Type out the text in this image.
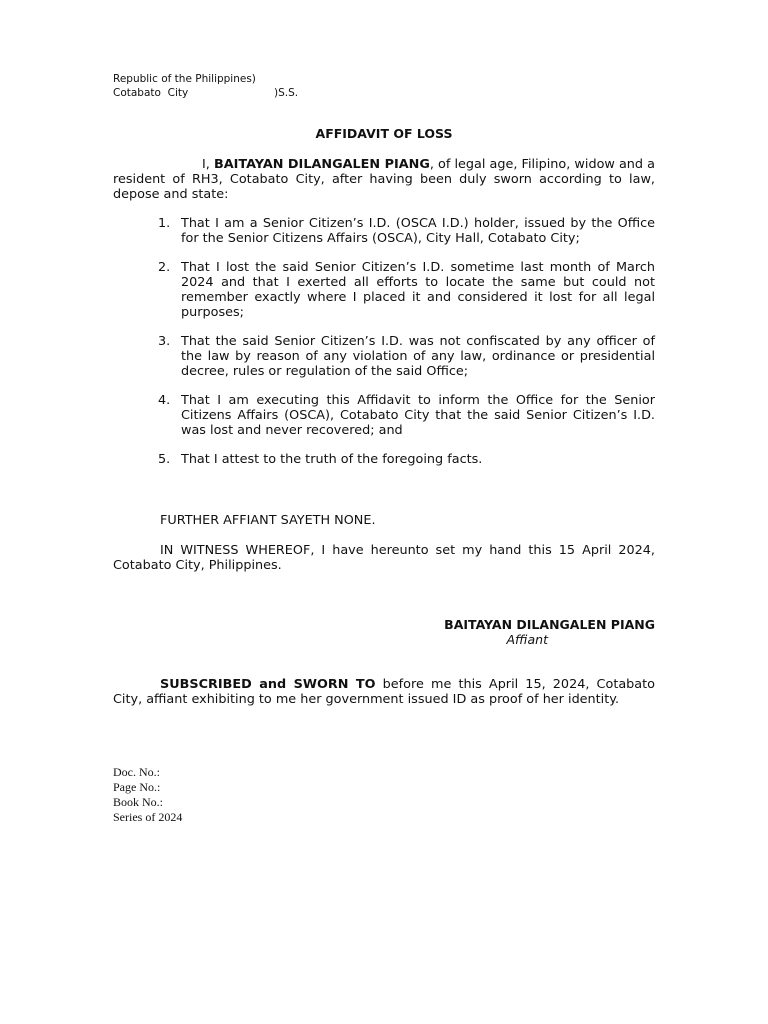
Republic of the Philippines)
Cotabato  City	)S.S.
AFFIDAVIT OF LOSS
I, BAITAYAN DILANGALEN PIANG, of legal age, Filipino, widow and a resident of RH3, Cotabato City, after having been duly sworn according to law, depose and state:
1. That I am a Senior Citizen’s I.D. (OSCA I.D.) holder, issued by the Office for the Senior Citizens Affairs (OSCA), City Hall, Cotabato City;
2. That I lost the said Senior Citizen’s I.D. sometime last month of March 2024 and that I exerted all efforts to locate the same but could not remember exactly where I placed it and considered it lost for all legal purposes;
3. That the said Senior Citizen’s I.D. was not confiscated by any officer of the law by reason of any violation of any law, ordinance or presidential decree, rules or regulation of the said Office;
4. That I am executing this Affidavit to inform the Office for the Senior Citizens Affairs (OSCA), Cotabato City that the said Senior Citizen’s I.D. was lost and never recovered; and
5. That I attest to the truth of the foregoing facts.
FURTHER AFFIANT SAYETH NONE.
IN WITNESS WHEREOF, I have hereunto set my hand this 15 April 2024, Cotabato City, Philippines.
BAITAYAN DILANGALEN PIANG
Affiant
SUBSCRIBED and SWORN TO before me this April 15, 2024, Cotabato City, affiant exhibiting to me her government issued ID as proof of her identity.
Doc. No.:
Page No.:
Book No.:
Series of 2024
